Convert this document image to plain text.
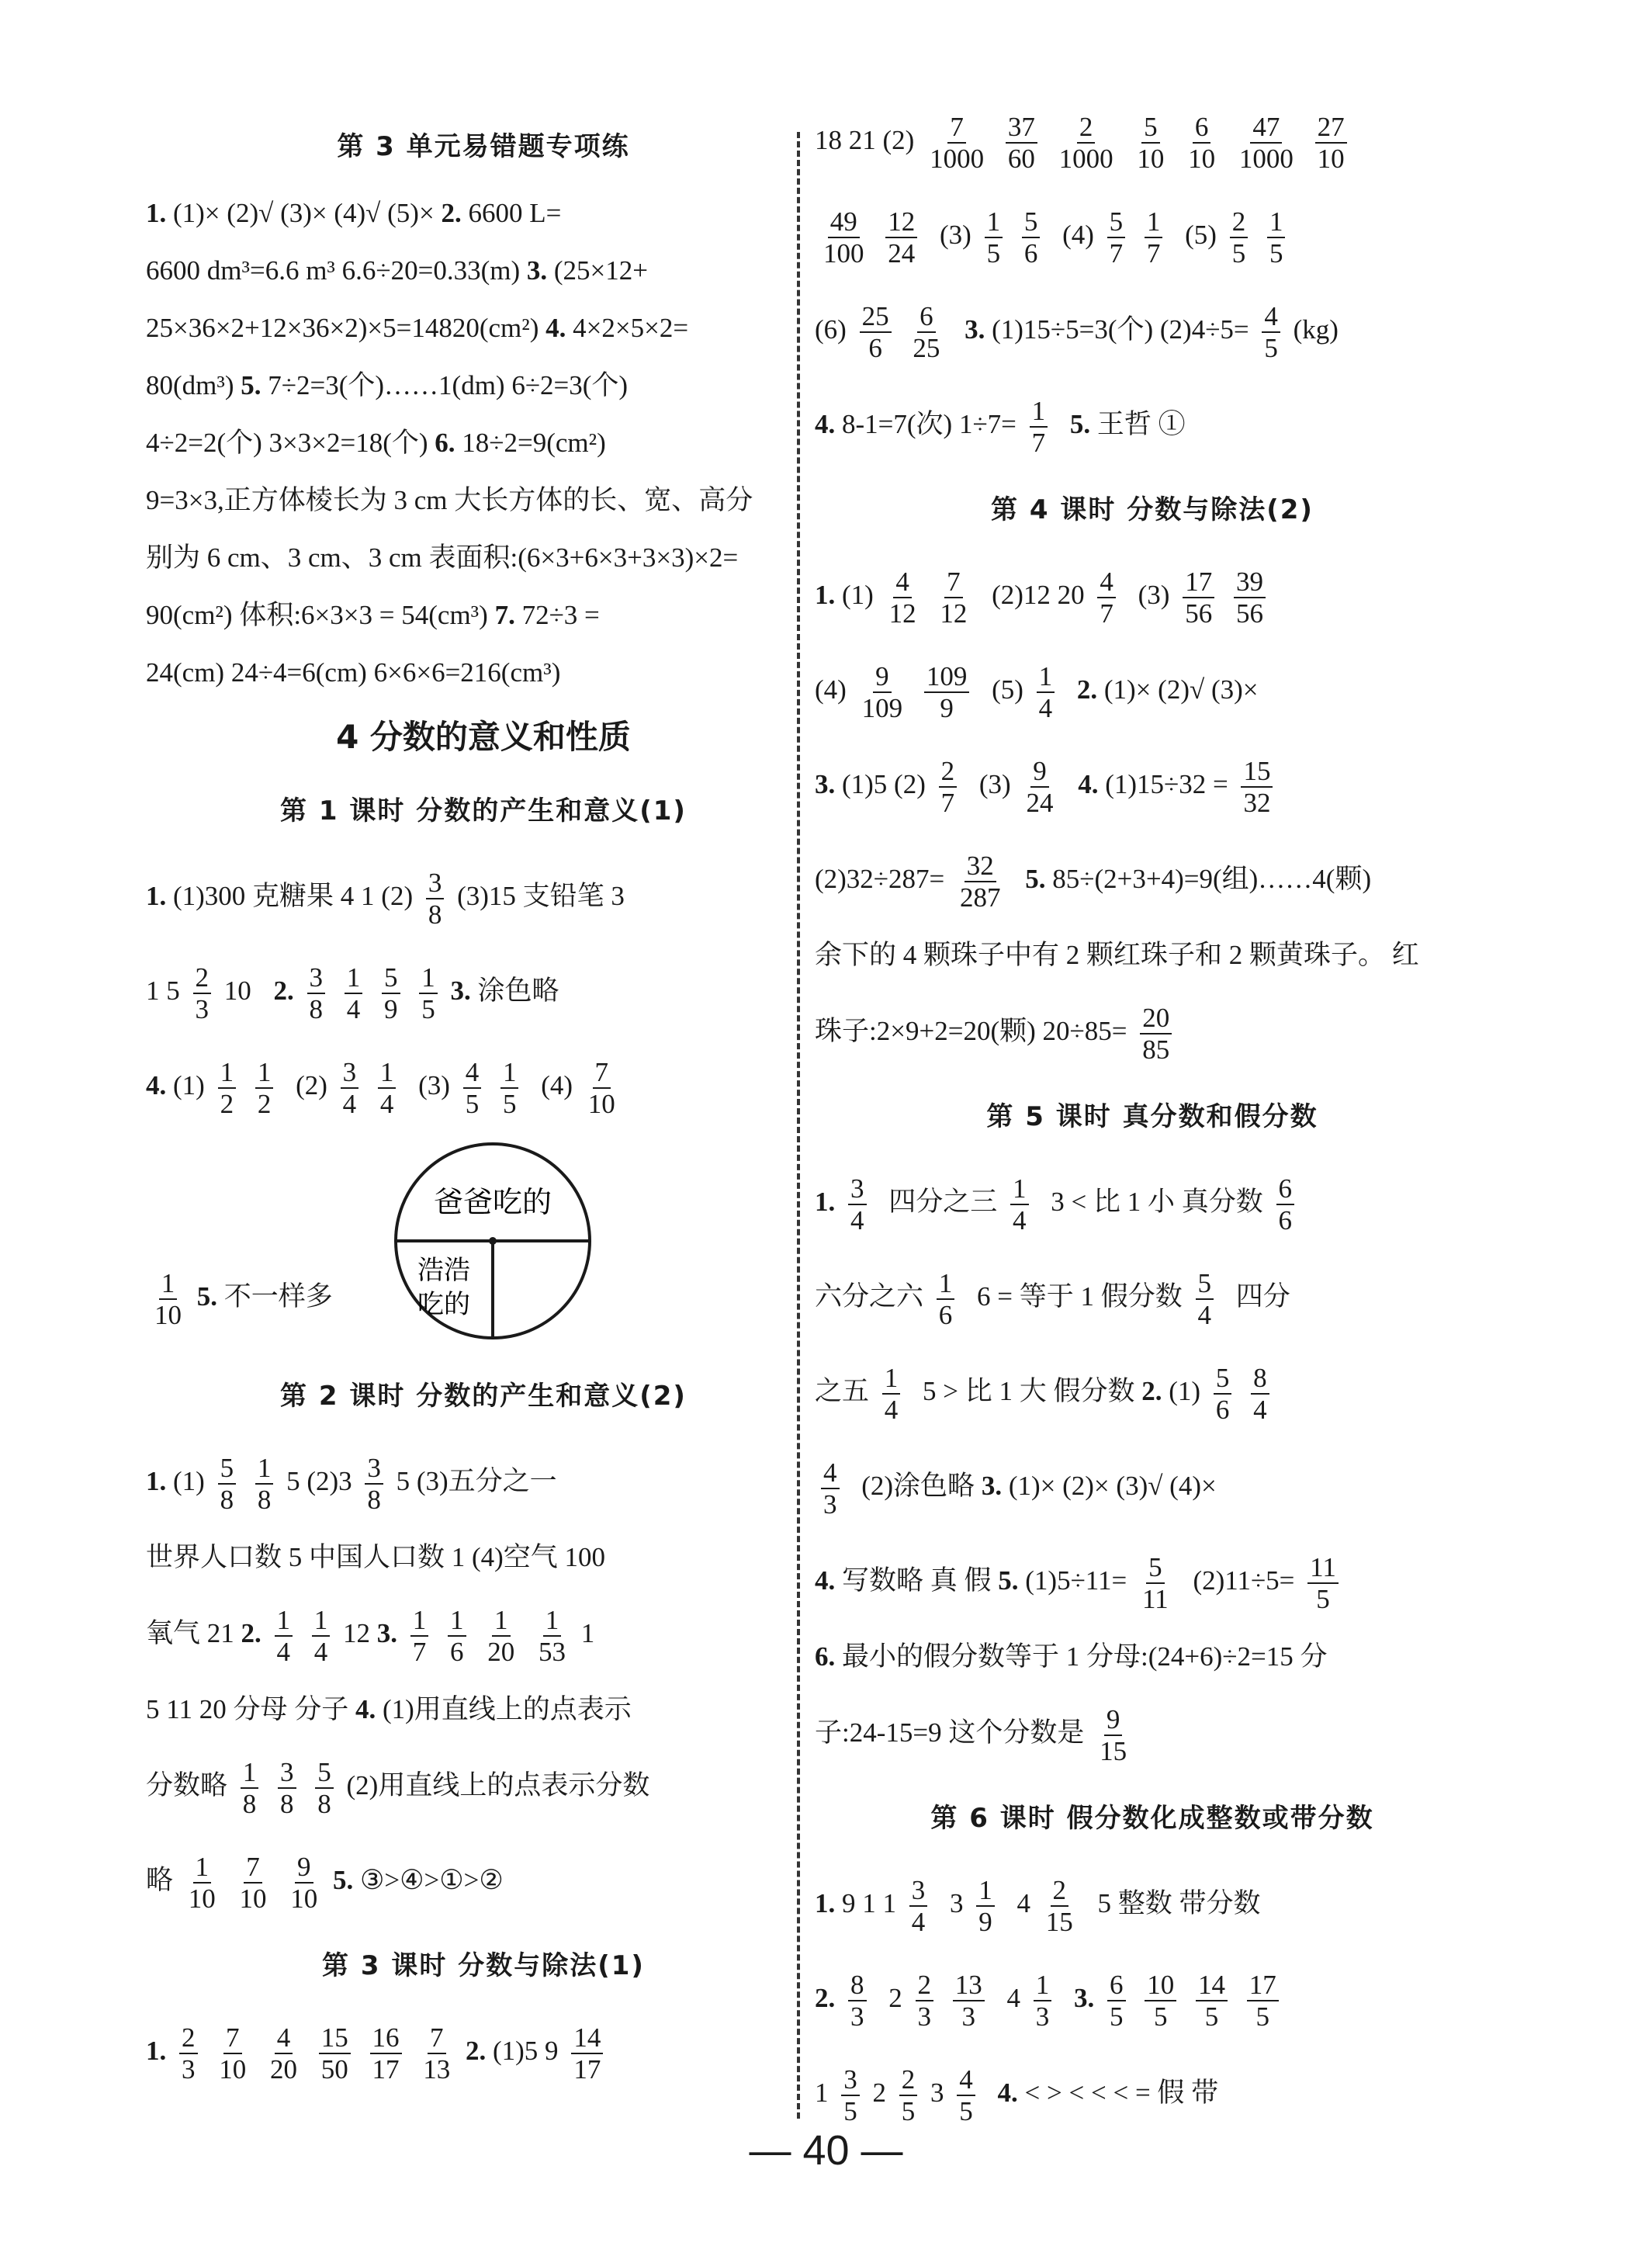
第 3 单元易错题专项练
1. (1)× (2)√ (3)× (4)√ (5)× 2. 6600 L=
6600 dm³=6.6 m³ 6.6÷20=0.33(m) 3. (25×12+
25×36×2+12×36×2)×5=14820(cm²) 4. 4×2×5×2=
80(dm³) 5. 7÷2=3(个)……1(dm) 6÷2=3(个)
4÷2=2(个) 3×3×2=18(个) 6. 18÷2=9(cm²)
9=3×3,正方体棱长为 3 cm 大长方体的长、宽、高分
别为 6 cm、3 cm、3 cm 表面积:(6×3+6×3+3×3)×2=
90(cm²) 体积:6×3×3 = 54(cm³) 7. 72÷3 =
24(cm) 24÷4=6(cm) 6×6×6=216(cm³)
4 分数的意义和性质
第 1 课时 分数的产生和意义(1)
1. (1)300 克糖果 4 1 $(2) \frac{3}{8} (3)15$ 支铅笔 3
1 $5 \frac{2}{3} 10$ 2. $\frac{3}{8}$
$\frac{1}{4}$
$\frac{5}{9}$
$\frac{1}{5} 3$. 涂色略
4. $(1) \frac{1}{2}$
$\frac{1}{2} (2) \frac{3}{4}$
$\frac{1}{4} (3) \frac{4}{5}$
$\frac{1}{5} (4) \frac{7}{10}$
爸爸吃的
浩浩
吃的
$\frac{1}{10} 5$. 不一样多
第 2 课时 分数的产生和意义(2)
1. $(1) \frac{5}{8}$
$\frac{1}{8} 5$ $(2)3 \frac{3}{8} 5$ (3)五分之一
世界人口数 5 中国人口数 1 (4)空气 100
氧气 21 2. $\frac{1}{4}$
$\frac{1}{4} 12$ 3. $\frac{1}{7}$
$\frac{1}{6}$
$\frac{1}{20}$
$\frac{1}{53} 1$
5 11 20 分母 分子 4. (1)用直线上的点表示
分数略 $\frac{1}{8}$
$\frac{3}{8}$
$\frac{5}{8} (2)$用直线上的点表示分数
略 $\frac{1}{10}$
$\frac{7}{10}$
$\frac{9}{10} 5$. ③>④>①>②
第 3 课时 分数与除法(1)
1. $\frac{2}{3}$
$\frac{7}{10}$
$\frac{4}{20}$
$\frac{15}{50}$
$\frac{16}{17}$
$\frac{7}{13} 2$. (1)5 $9 \frac{14}{17}$
18 21 $(2) \frac{7}{1000}$
$\frac{37}{60}$
$\frac{2}{1000}$
$\frac{5}{10}$
$\frac{6}{10}$
$\frac{47}{1000}$
$\frac{27}{10}$
$\frac{49}{100}$
$\frac{12}{24} (3) \frac{1}{5}$
$\frac{5}{6} (4) \frac{5}{7}$
$\frac{1}{7} (5) \frac{2}{5}$
$\frac{1}{5}$
$(6) \frac{25}{6}$
$\frac{6}{25} 3$. (1)15÷5=3(个) $(2)4\div 5= \frac{4}{5} (kg)$
4. 8-1=7(次) $1\div 7= \frac{1}{7} 5$. 王哲 ①
第 4 课时 分数与除法(2)
1. $(1) \frac{4}{12}$
$\frac{7}{12} (2)12$ $20 \frac{4}{7} (3) \frac{17}{56}$
$\frac{39}{56}$
$(4) \frac{9}{109}$
$\frac{109}{9} (5) \frac{1}{4} 2$. (1)× (2)√ (3)×
3. (1)5 $(2) \frac{2}{7} (3) \frac{9}{24} 4$. $(1)15\div 32 = \frac{15}{32}$
$(2)32\div 287= \frac{32}{287} 5$. 85÷(2+3+4)=9(组)……4(颗)
余下的 4 颗珠子中有 2 颗红珠子和 2 颗黄珠子。 红
珠子:2×9+2=20(颗) $20\div 85= \frac{20}{85}$
第 5 课时 真分数和假分数
1. $\frac{3}{4}$ 四分之三 $\frac{1}{4} 3$ < 比 1 小 真分数 $\frac{6}{6}$
六分之六 $\frac{1}{6} 6$ = 等于 1 假分数 $\frac{5}{4}$ 四分
之五 $\frac{1}{4} 5$ > 比 1 大 假分数 2. $(1) \frac{5}{6}$
$\frac{8}{4}$
$\frac{4}{3} (2)$涂色略 3. (1)× (2)× (3)√ (4)×
4. 写数略 真 假 5. $(1)5\div 11= \frac{5}{11} (2)11\div 5= \frac{11}{5}$
6. 最小的假分数等于 1 分母:(24+6)÷2=15 分
子:24-15=9 这个分数是 $\frac{9}{15}$
第 6 课时 假分数化成整数或带分数
1. 9 1 $1 \frac{3}{4} 3 \frac{1}{9} 4 \frac{2}{15} 5$ 整数 带分数
2. $\frac{8}{3} 2 \frac{2}{3}$
$\frac{13}{3} 4 \frac{1}{3} 3$. $\frac{6}{5}$
$\frac{10}{5}$
$\frac{14}{5}$
$\frac{17}{5}$
$1 \frac{3}{5} 2 \frac{2}{5} 3 \frac{4}{5} 4$. < > < < < = 假 带
— 40 —
